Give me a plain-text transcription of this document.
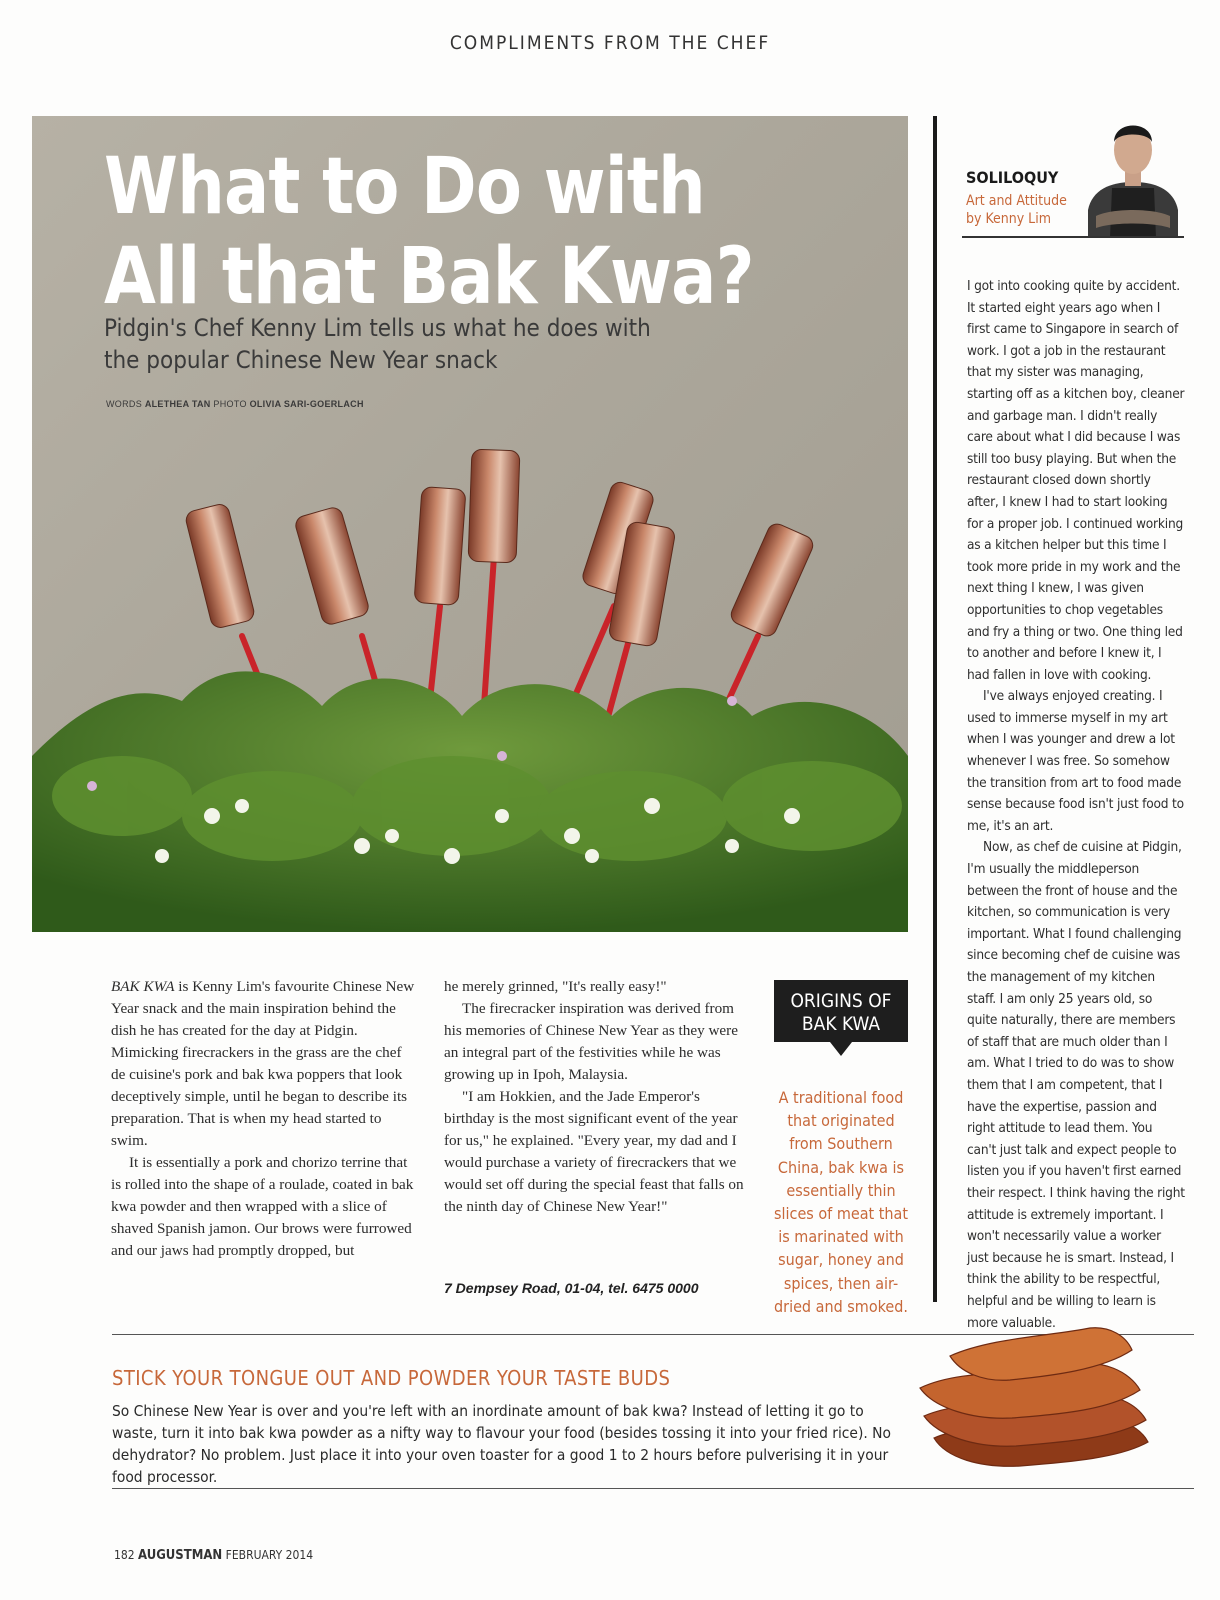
COMPLIMENTS FROM THE CHEF
What to Do with
All that Bak Kwa?
Pidgin's Chef Kenny Lim tells us what he does with the popular Chinese New Year snack
WORDS ALETHEA TAN PHOTO OLIVIA SARI-GOERLACH

BAK KWA is Kenny Lim's favourite Chinese New Year snack and the main inspiration behind the dish he has created for the day at Pidgin. Mimicking firecrackers in the grass are the chef de cuisine's pork and bak kwa poppers that look deceptively simple, until he began to describe its preparation. That is when my head started to swim.

It is essentially a pork and chorizo terrine that is rolled into the shape of a roulade, coated in bak kwa powder and then wrapped with a slice of shaved Spanish jamon. Our brows were furrowed and our jaws had promptly dropped, but

he merely grinned, "It's really easy!"

The firecracker inspiration was derived from his memories of Chinese New Year as they were an integral part of the festivities while he was growing up in Ipoh, Malaysia.

"I am Hokkien, and the Jade Emperor's birthday is the most significant event of the year for us," he explained. "Every year, my dad and I would purchase a variety of firecrackers that we would set off during the special feast that falls on the ninth day of Chinese New Year!"

7 Dempsey Road, 01-04, tel. 6475 0000
ORIGINS OF
BAK KWA
A traditional food that originated from Southern China, bak kwa is essentially thin slices of meat that is marinated with sugar, honey and spices, then air-dried and smoked.
SOLILOQUY
Art and Attitude
by Kenny Lim

I got into cooking quite by accident. It started eight years ago when I first came to Singapore in search of work. I got a job in the restaurant that my sister was managing, starting off as a kitchen boy, cleaner and garbage man. I didn't really care about what I did because I was still too busy playing. But when the restaurant closed down shortly after, I knew I had to start looking for a proper job. I continued working as a kitchen helper but this time I took more pride in my work and the next thing I knew, I was given opportunities to chop vegetables and fry a thing or two. One thing led to another and before I knew it, I had fallen in love with cooking.

I've always enjoyed creating. I used to immerse myself in my art when I was younger and drew a lot whenever I was free. So somehow the transition from art to food made sense because food isn't just food to me, it's an art.

Now, as chef de cuisine at Pidgin, I'm usually the middleperson between the front of house and the kitchen, so communication is very important. What I found challenging since becoming chef de cuisine was the management of my kitchen staff. I am only 25 years old, so quite naturally, there are members of staff that are much older than I am. What I tried to do was to show them that I am competent, that I have the expertise, passion and right attitude to lead them. You can't just talk and expect people to listen you if you haven't first earned their respect. I think having the right attitude is extremely important. I won't necessarily value a worker just because he is smart. Instead, I think the ability to be respectful, helpful and be willing to learn is more valuable.

STICK YOUR TONGUE OUT AND POWDER YOUR TASTE BUDS
So Chinese New Year is over and you're left with an inordinate amount of bak kwa? Instead of letting it go to waste, turn it into bak kwa powder as a nifty way to flavour your food (besides tossing it into your fried rice). No dehydrator? No problem. Just place it into your oven toaster for a good 1 to 2 hours before pulverising it in your food processor.
182 AUGUSTMAN FEBRUARY 2014
